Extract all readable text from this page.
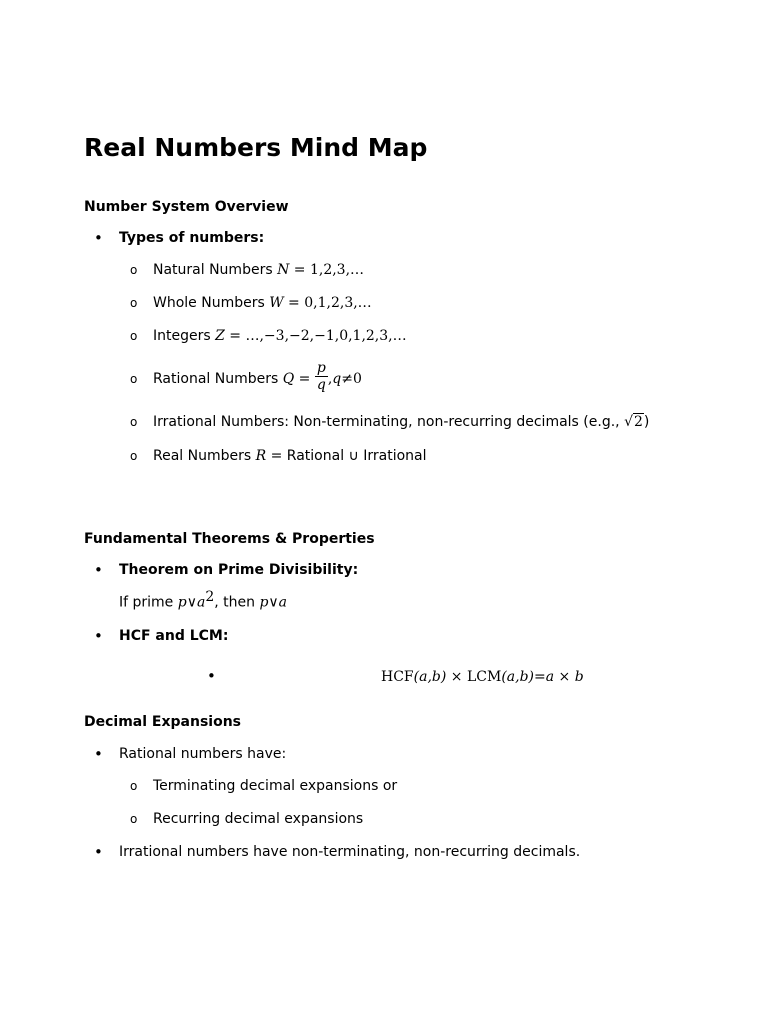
Real Numbers Mind Map
Number System Overview
• Types of numbers:
o Natural Numbers N = 1,2,3,…
o Whole Numbers W = 0,1,2,3,…
o Integers Z = …,−3,−2,−1,0,1,2,3,…
o Rational Numbers $Q = \frac{p}{q} ,q\ne 0$
o Irrational Numbers: Non-terminating, non-recurring decimals (e.g., √2)
o Real Numbers R = Rational ∪ Irrational
Fundamental Theorems & Properties
• Theorem on Prime Divisibility:
If prime $p\vee a^2$, then p∨a
• HCF and LCM:
•	HCF(a,b) × LCM(a,b)=a × b
Decimal Expansions
• Rational numbers have:
o Terminating decimal expansions or
o Recurring decimal expansions
• Irrational numbers have non-terminating, non-recurring decimals.
